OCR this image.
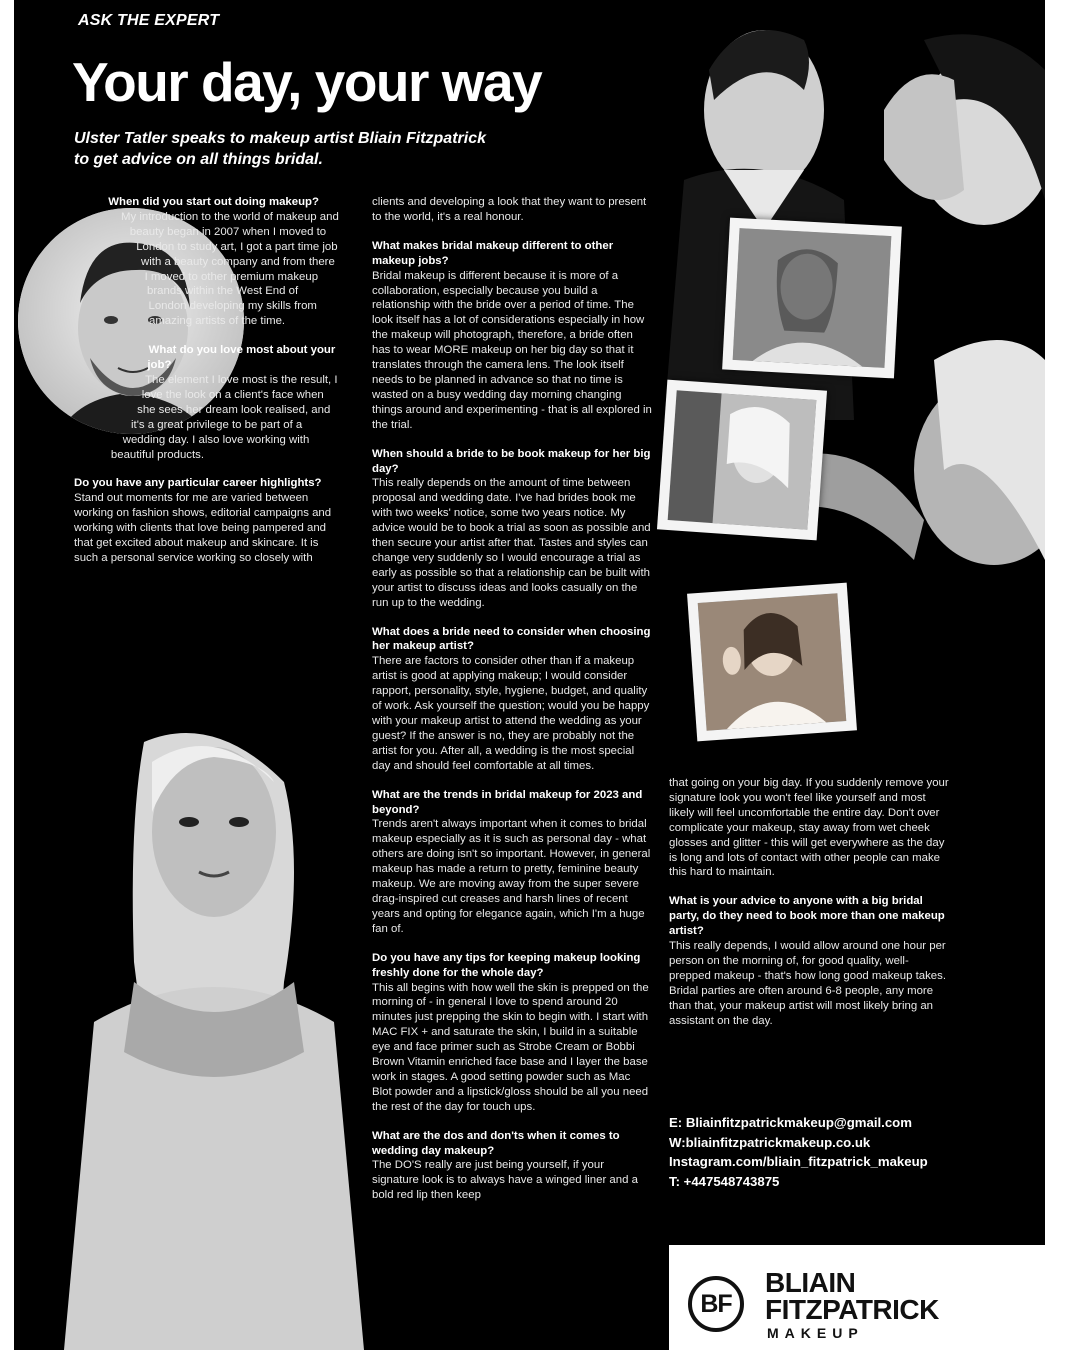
ASK THE EXPERT
Your day, your way
Ulster Tatler speaks to makeup artist Bliain Fitzpatrick
to get advice on all things bridal.

When did you start out doing makeup?

My introduction to the world of makeup and beauty began in 2007 when I moved to London to study art, I got a part time job with a beauty company and from there I moved to other premium makeup brands within the West End of London developing my skills from amazing artists of the time.

What do you love most about your job?

The element I love most is the result, I love the look on a client's face when she sees her dream look realised, and it's a great privilege to be part of a wedding day. I also love working with beautiful products.

Do you have any particular career highlights?

Stand out moments for me are varied between working on fashion shows, editorial campaigns and working with clients that love being pampered and that get excited about makeup and skincare. It is such a personal service working so closely with

clients and developing a look that they want to present to the world, it's a real honour.

What makes bridal makeup different to other makeup jobs?

Bridal makeup is different because it is more of a collaboration, especially because you build a relationship with the bride over a period of time. The look itself has a lot of considerations especially in how the makeup will photograph, therefore, a bride often has to wear MORE makeup on her big day so that it translates through the camera lens. The look itself needs to be planned in advance so that no time is wasted on a busy wedding day morning changing things around and experimenting - that is all explored in the trial.

When should a bride to be book makeup for her big day?

This really depends on the amount of time between proposal and wedding date. I've had brides book me with two weeks' notice, some two years notice. My advice would be to book a trial as soon as possible and then secure your artist after that. Tastes and styles can change very suddenly so I would encourage a trial as early as possible so that a relationship can be built with your artist to discuss ideas and looks casually on the run up to the wedding.

What does a bride need to consider when choosing her makeup artist?

There are factors to consider other than if a makeup artist is good at applying makeup; I would consider rapport, personality, style, hygiene, budget, and quality of work. Ask yourself the question; would you be happy with your makeup artist to attend the wedding as your guest? If the answer is no, they are probably not the artist for you. After all, a wedding is the most special day and should feel comfortable at all times.

What are the trends in bridal makeup for 2023 and beyond?

Trends aren't always important when it comes to bridal makeup especially as it is such as personal day - what others are doing isn't so important. However, in general makeup has made a return to pretty, feminine beauty makeup. We are moving away from the super severe drag-inspired cut creases and harsh lines of recent years and opting for elegance again, which I'm a huge fan of.

Do you have any tips for keeping makeup looking freshly done for the whole day?

This all begins with how well the skin is prepped on the morning of - in general I love to spend around 20 minutes just prepping the skin to begin with. I start with MAC FIX + and saturate the skin, I build in a suitable eye and face primer such as Strobe Cream or Bobbi Brown Vitamin enriched face base and I layer the base work in stages. A good setting powder such as Mac Blot powder and a lipstick/gloss should be all you need the rest of the day for touch ups.

What are the dos and don'ts when it comes to wedding day makeup?

The DO'S really are just being yourself, if your signature look is to always have a winged liner and a bold red lip then keep

that going on your big day. If you suddenly remove your signature look you won't feel like yourself and most likely will feel uncomfortable the entire day. Don't over complicate your makeup, stay away from wet cheek glosses and glitter - this will get everywhere as the day is long and lots of contact with other people can make this hard to maintain.

What is your advice to anyone with a big bridal party, do they need to book more than one makeup artist?

This really depends, I would allow around one hour per person on the morning of, for good quality, well-prepped makeup - that's how long good makeup takes. Bridal parties are often around 6-8 people, any more than that, your makeup artist will most likely bring an assistant on the day.

E: Bliainfitzpatrickmakeup@gmail.com
W:bliainfitzpatrickmakeup.co.uk
Instagram.com/bliain_fitzpatrick_makeup
T: +447548743875
BF
BLIAIN
FITZPATRICK
MAKEUP
